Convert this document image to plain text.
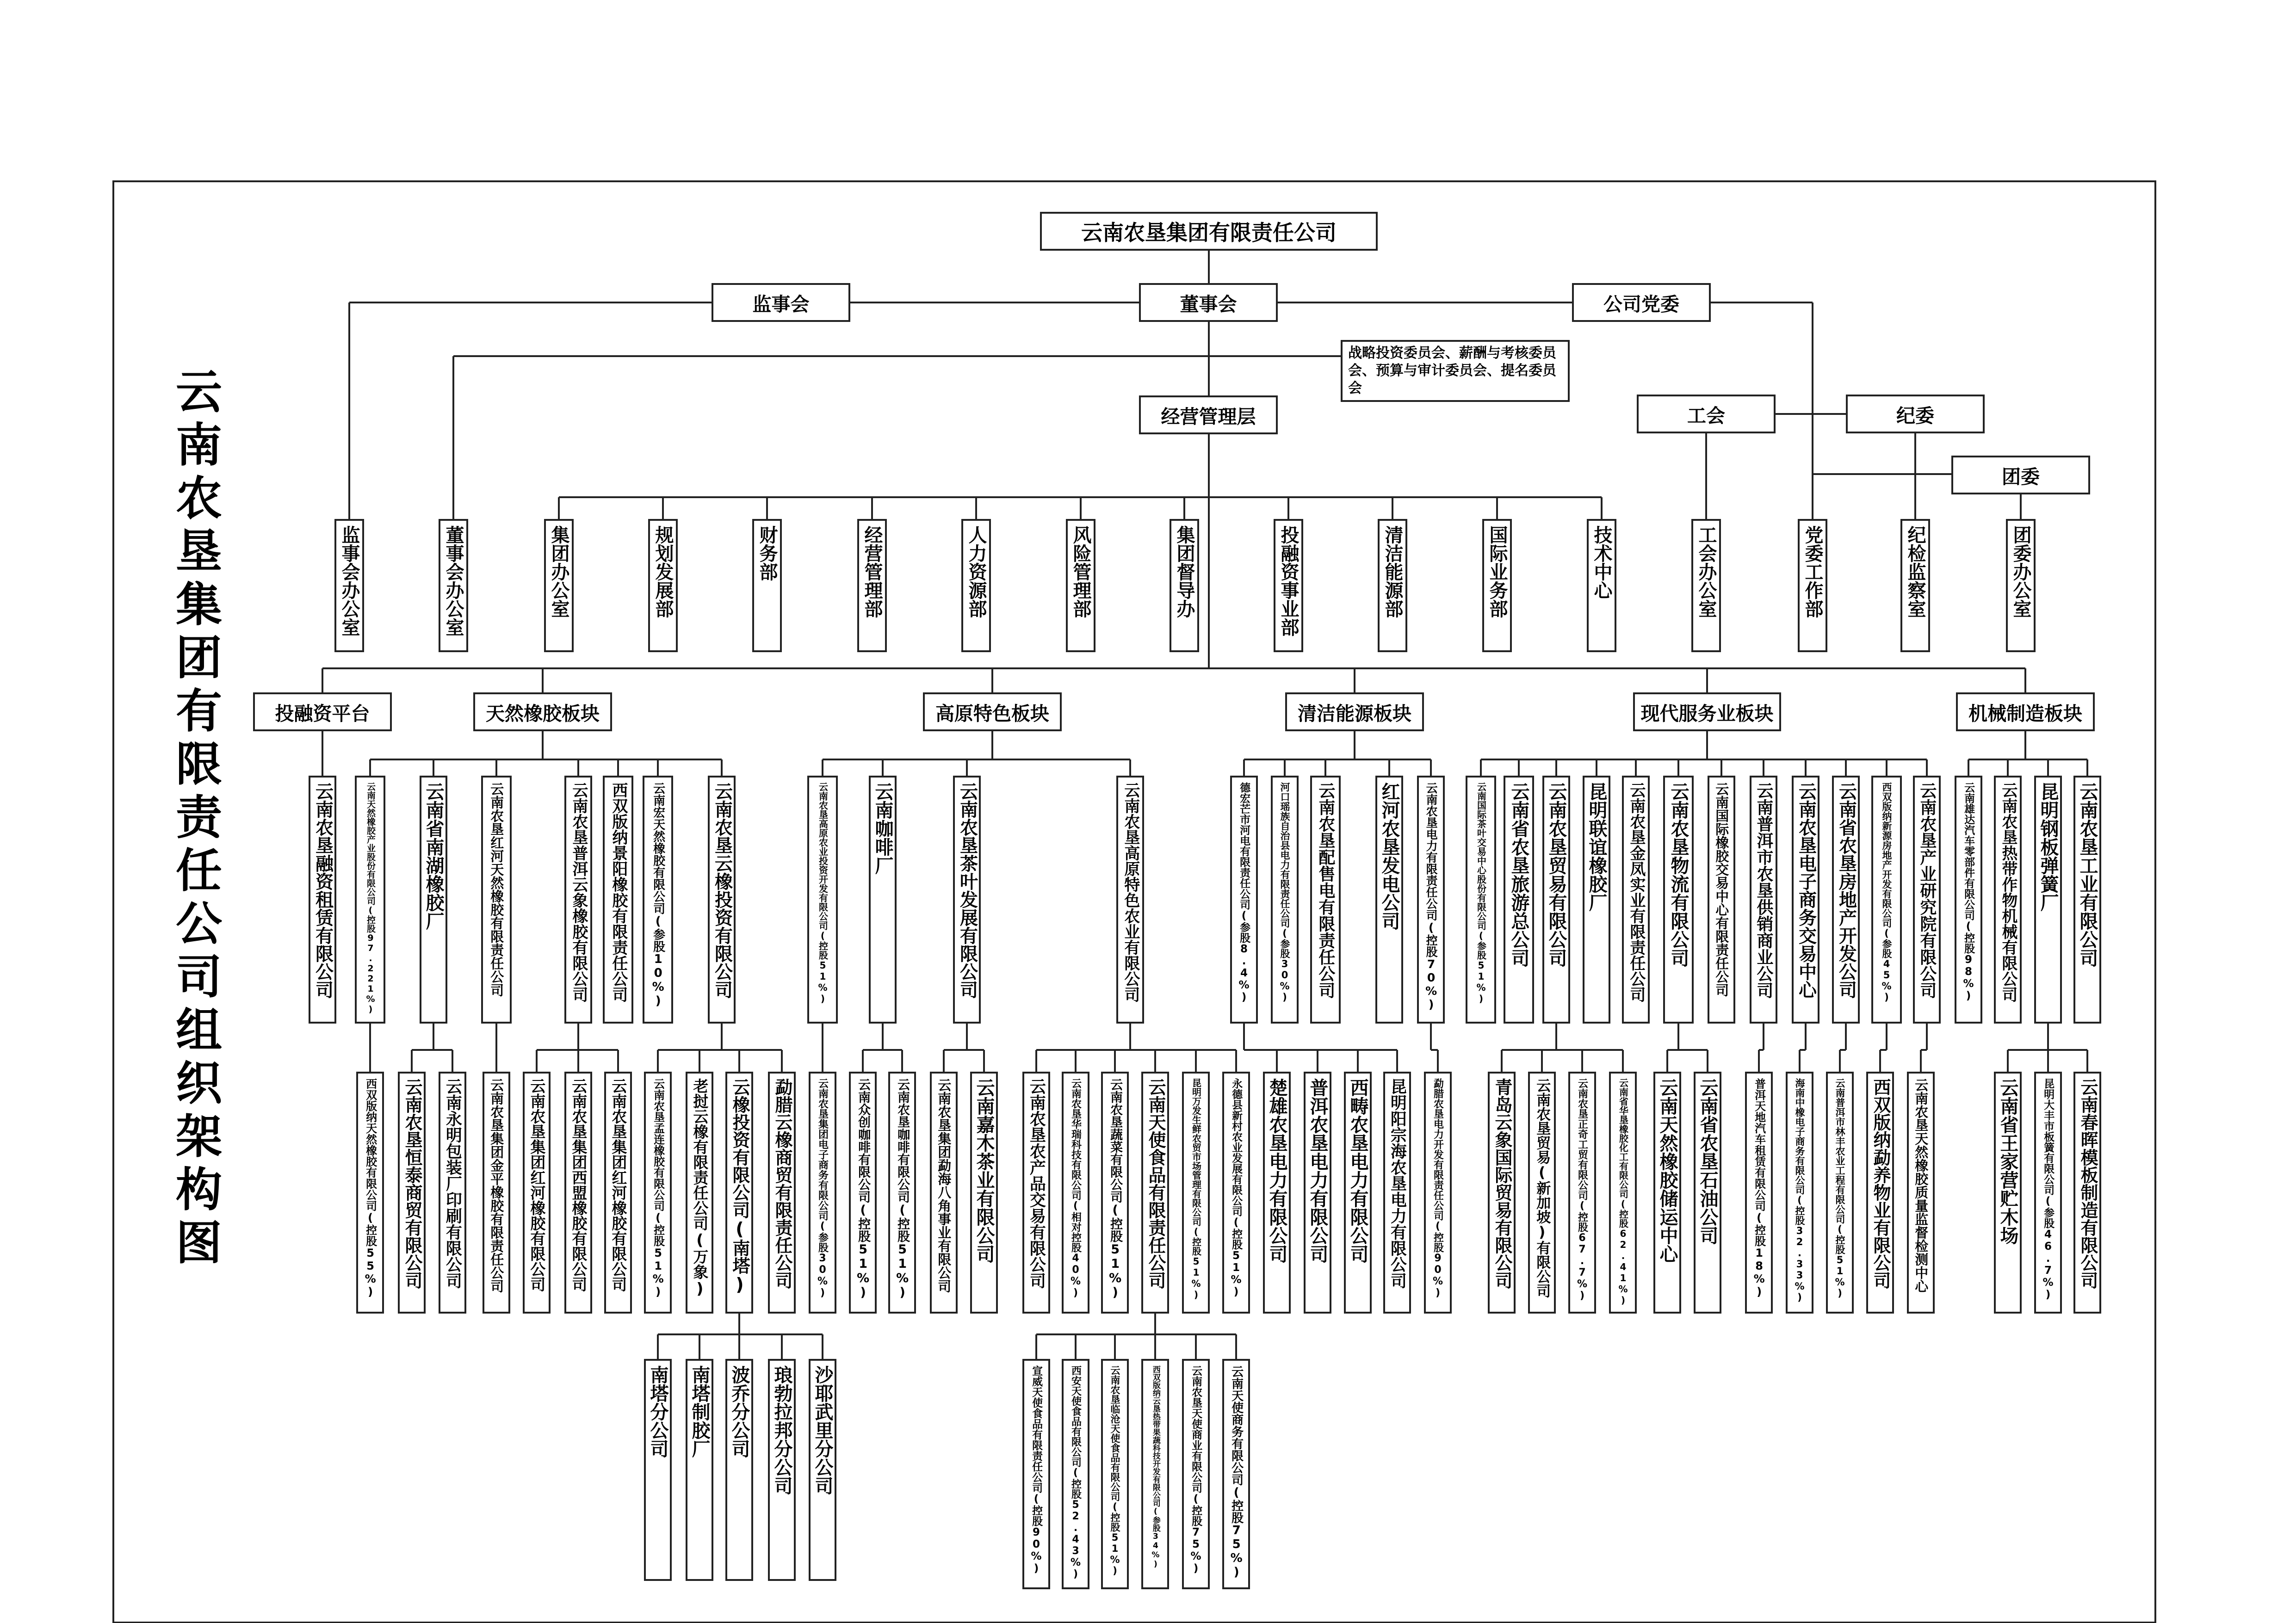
云
南
农
垦
集
团
有
限
责
任
公
司
组
织
架
构
图
云南农垦集团有限责任公司
监事会	董事会	公司党委
战略投资委员会、薪酬与考核委员会、预算与审计委员会、提名委员会
经营管理层	工会	纪委
团委
监事会办公室	董事会办公室	集团办公室	规划发展部	财务部	经营管理部	人力资源部	风险管理部	集团督导办	投融资事业部	清洁能源部	国际业务部	技术中心	工会办公室	党委工作部	纪检监察室	团委办公室
投融资平台	天然橡胶板块	高原特色板块	清洁能源板块	现代服务业板块	机械制造板块
云南农垦融资租赁有限公司	云南天然橡胶产业股份有限公司(控股97.221%)	云南省南湖橡胶厂	云南农垦红河天然橡胶有限责任公司	云南农垦普洱云象橡胶有限公司 西双版纳景阳橡胶有限责任公司 云南宏天然橡胶有限公司(参股10%)	云南农垦云橡投资有限公司	云南农垦高原农业投资开发有限公司(控股51%) 云南咖啡厂	云南农垦茶叶发展有限公司	云南农垦高原特色农业有限公司	德宏芒市河电有限责任公司(参股8.4%)	河口瑶族自治县电力有限责任公司(参股30%) 云南农垦配售电有限责任公司 红河农垦发电公司 云南农垦电力有限责任公司(控股70%)	云南国际茶叶交易中心股份有限公司(参股51%) 云南省农垦旅游总公司 云南农垦贸易有限公司 昆明联谊橡胶厂 云南农垦金凤实业有限责任公司 云南农垦物流有限公司 云南国际橡胶交易中心有限责任公司 云南普洱市农垦供销商业公司 云南农垦电子商务交易中心 云南省农垦房地产开发公司	西双版纳新源房地产开发有限公司(参股45%) 云南农垦产业研究院有限公司 云南雄达汽车零部件有限公司(控股98%) 云南农垦热带作物机械有限公司 昆明钢板弹簧厂 云南农垦工业有限公司
西双版纳天然橡胶有限公司(控股55%) 云南农垦恒泰商贸有限公司 云南永明包装厂印刷有限公司 云南农垦集团金平橡胶有限责任公司 云南农垦集团红河橡胶有限公司 云南农垦集团西盟橡胶有限公司 云南农垦集团红河橡胶有限公司 云南农垦孟连橡胶有限公司(控股51%) 老挝云橡有限责任公司(万象) 云橡投资有限公司(南塔) 勐腊云橡商贸有限责任公司 云南农垦集团电子商务有限公司(参股30%) 云南众创咖啡有限公司(控股51%) 云南农垦咖啡有限公司(控股51%) 云南农垦集团勐海八角事业有限公司 云南嘉木茶业有限公司 云南农垦农产品交易有限公司 云南农垦华瑞科技有限公司(相对控股40%) 云南农垦蔬菜有限公司(控股51%) 云南天使食品有限责任公司	昆明万发生鲜农贸市场管理有限公司(控股51%)	永德县新村农业发展有限公司(控股51%) 楚雄农垦电力有限公司 普洱农垦电力有限公司 西畴农垦电力有限公司 昆明阳宗海农垦电力有限公司	勐腊农垦电力开发有限责任公司(控股90%)	青岛云象国际贸易有限公司 云南农垦贸易(新加坡)有限公司	云南农垦正奇工贸有限公司(控股67.7%)	云南省华垦橡胶化工有限公司(控股62.41%) 云南天然橡胶储运中心 云南省农垦石油公司	普洱天地汽车租赁有限公司(控股18%)	海南中橡电子商务有限公司(控股32.33%)	云南普洱市林丰农业工程有限公司(控股51%) 西双版纳勐养物业有限公司 云南农垦天然橡胶质量监督检测中心	云南省王家营贮木场 昆明大丰市板簧有限公司(参股46.7%) 云南春晖模板制造有限公司
南塔分公司 南塔制胶厂 波乔分公司 琅勃拉邦分公司 沙耶武里分公司	宣威天使食品有限责任公司(控股90%)	西安天使食品有限公司(控股52.43%)	云南农垦临沧天使食品有限公司(控股51%)	西双版纳云垦热带果蔬科技开发有限公司(参股34%)	云南农垦天使商业有限公司(控股75%) 云南天使商务有限公司(控股75%)
